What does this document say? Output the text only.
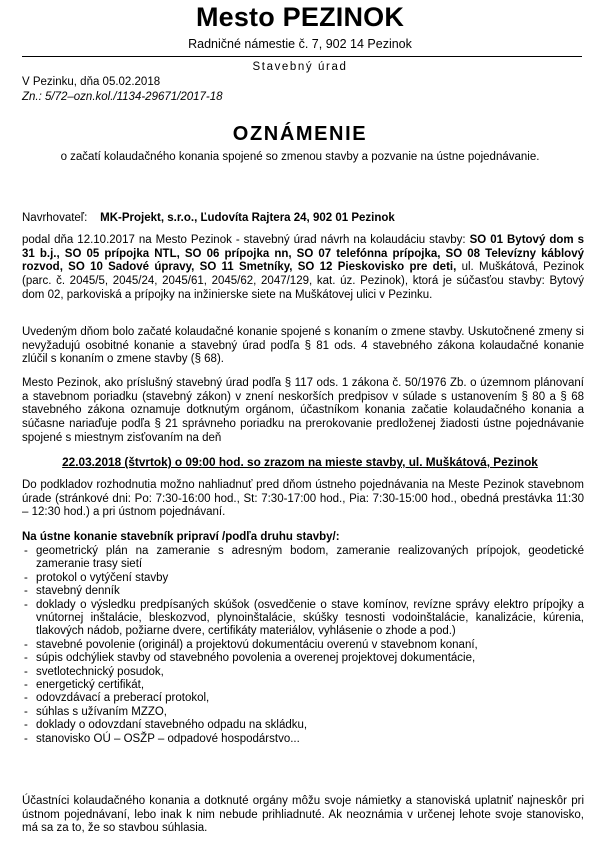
Mesto PEZINOK
Radničné námestie č. 7, 902 14 Pezinok
Stavebný úrad
V Pezinku, dňa 05.02.2018
Zn.: 5/72–ozn.kol./1134-29671/2017-18
OZNÁMENIE
o začatí kolaudačného konania spojené so zmenou stavby a pozvanie na ústne pojednávanie.
Navrhovateľ: MK-Projekt, s.r.o., Ľudovíta Rajtera 24, 902 01 Pezinok
podal dňa 12.10.2017 na Mesto Pezinok - stavebný úrad návrh na kolaudáciu stavby: SO 01 Bytový dom s 31 b.j., SO 05 prípojka NTL, SO 06 prípojka nn, SO 07 telefónna prípojka, SO 08 Televízny káblový rozvod, SO 10 Sadové úpravy, SO 11 Smetníky, SO 12 Pieskovisko pre deti, ul. Muškátová, Pezinok (parc. č. 2045/5, 2045/24, 2045/61, 2045/62, 2047/129, kat. úz. Pezinok), ktorá je súčasťou stavby: Bytový dom 02, parkoviská a prípojky na inžinierske siete na Muškátovej ulici v Pezinku.
Uvedeným dňom bolo začaté kolaudačné konanie spojené s konaním o zmene stavby. Uskutočnené zmeny si nevyžadujú osobitné konanie a stavebný úrad podľa § 81 ods. 4 stavebného zákona kolaudačné konanie zlúčil s konaním o zmene stavby (§ 68).
Mesto Pezinok, ako príslušný stavebný úrad podľa § 117 ods. 1 zákona č. 50/1976 Zb. o územnom plánovaní a stavebnom poriadku (stavebný zákon) v znení neskorších predpisov v súlade s ustanovením § 80 a § 68 stavebného zákona oznamuje dotknutým orgánom, účastníkom konania začatie kolaudačného konania a súčasne nariaďuje podľa § 21 správneho poriadku na prerokovanie predloženej žiadosti ústne pojednávanie spojené s miestnym zisťovaním na deň
22.03.2018 (štvrtok) o 09:00 hod. so zrazom na mieste stavby, ul. Muškátová, Pezinok
Do podkladov rozhodnutia možno nahliadnuť pred dňom ústneho pojednávania na Meste Pezinok stavebnom úrade (stránkové dni: Po: 7:30-16:00 hod., St: 7:30-17:00 hod., Pia: 7:30-15:00 hod., obedná prestávka 11:30 – 12:30 hod.) a pri ústnom pojednávaní.
Na ústne konanie stavebník pripraví /podľa druhu stavby/:
- geometrický plán na zameranie s adresným bodom, zameranie realizovaných prípojok, geodetické zameranie trasy sietí
- protokol o vytýčení stavby
- stavebný denník
- doklady o výsledku predpísaných skúšok (osvedčenie o stave komínov, revízne správy elektro prípojky a vnútornej inštalácie, bleskozvod, plynoinštalácie, skúšky tesnosti vodoinštalácie, kanalizácie, kúrenia, tlakových nádob, požiarne dvere, certifikáty materiálov, vyhlásenie o zhode a pod.)
- stavebné povolenie (originál) a projektovú dokumentáciu overenú v stavebnom konaní,
- súpis odchýliek stavby od stavebného povolenia a overenej projektovej dokumentácie,
- svetlotechnický posudok,
- energetický certifikát,
- odovzdávací a preberací protokol,
- súhlas s užívaním MZZO,
- doklady o odovzdaní stavebného odpadu na skládku,
- stanovisko OÚ – OSŽP – odpadové hospodárstvo...
Účastníci kolaudačného konania a dotknuté orgány môžu svoje námietky a stanoviská uplatniť najneskôr pri ústnom pojednávaní, lebo inak k nim nebude prihliadnuté. Ak neoznámia v určenej lehote svoje stanovisko, má sa za to, že so stavbou súhlasia.
